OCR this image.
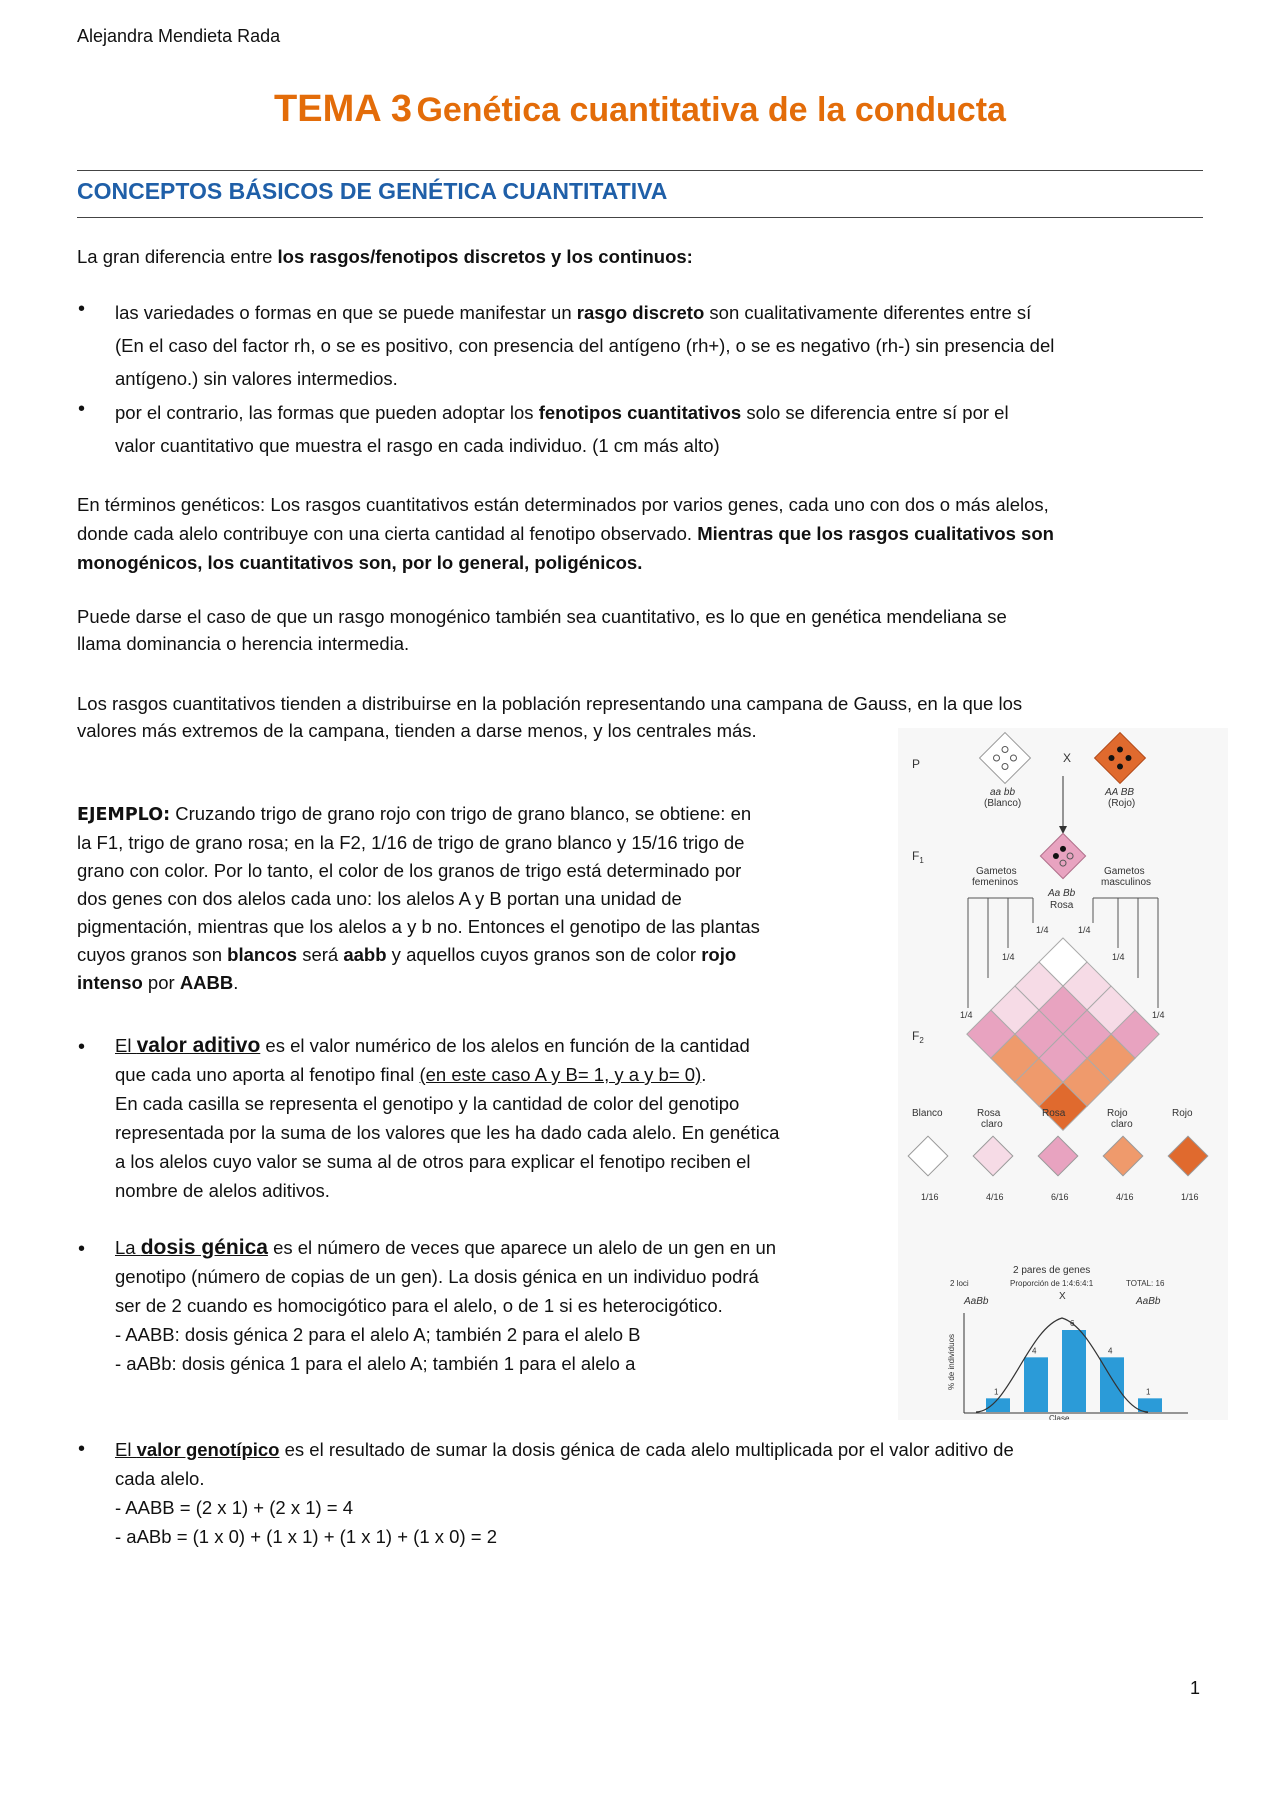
Alejandra Mendieta Rada
TEMA 3 Genética cuantitativa de la conducta
CONCEPTOS BÁSICOS DE GENÉTICA CUANTITATIVA
La gran diferencia entre los rasgos/fenotipos discretos y los continuos:
• las variedades o formas en que se puede manifestar un rasgo discreto son cualitativamente diferentes entre sí
(En el caso del factor rh, o se es positivo, con presencia del antígeno (rh+), o se es negativo (rh-) sin presencia del
antígeno.) sin valores intermedios.
• por el contrario, las formas que pueden adoptar los fenotipos cuantitativos solo se diferencia entre sí por el
valor cuantitativo que muestra el rasgo en cada individuo. (1 cm más alto)
En términos genéticos: Los rasgos cuantitativos están determinados por varios genes, cada uno con dos o más alelos,
donde cada alelo contribuye con una cierta cantidad al fenotipo observado. Mientras que los rasgos cualitativos son
monogénicos, los cuantitativos son, por lo general, poligénicos.
Puede darse el caso de que un rasgo monogénico también sea cuantitativo, es lo que en genética mendeliana se
llama dominancia o herencia intermedia.
Los rasgos cuantitativos tienden a distribuirse en la población representando una campana de Gauss, en la que los
valores más extremos de la campana, tienden a darse menos, y los centrales más.
EJEMPLO: Cruzando trigo de grano rojo con trigo de grano blanco, se obtiene: en
la F1, trigo de grano rosa; en la F2, 1/16 de trigo de grano blanco y 15/16 trigo de
grano con color. Por lo tanto, el color de los granos de trigo está determinado por
dos genes con dos alelos cada uno: los alelos A y B portan una unidad de
pigmentación, mientras que los alelos a y b no. Entonces el genotipo de las plantas
cuyos granos son blancos será aabb y aquellos cuyos granos son de color rojo
intenso por AABB.
• El valor aditivo es el valor numérico de los alelos en función de la cantidad
que cada uno aporta al fenotipo final (en este caso A y B= 1, y a y b= 0).
En cada casilla se representa el genotipo y la cantidad de color del genotipo
representada por la suma de los valores que les ha dado cada alelo. En genética
a los alelos cuyo valor se suma al de otros para explicar el fenotipo reciben el
nombre de alelos aditivos.
• La dosis génica es el número de veces que aparece un alelo de un gen en un
genotipo (número de copias de un gen). La dosis génica en un individuo podrá
ser de 2 cuando es homocigótico para el alelo, o de 1 si es heterocigótico.
- AABB: dosis génica 2 para el alelo A; también 2 para el alelo B
- aABb: dosis génica 1 para el alelo A; también 1 para el alelo a
• El valor genotípico es el resultado de sumar la dosis génica de cada alelo multiplicada por el valor aditivo de
cada alelo.
- AABB = (2 x 1) + (2 x 1) = 4
- aABb = (1 x 0) + (1 x 1) + (1 x 1) + (1 x 0) = 2
1
P	X
aa bb
(Blanco)
AA BB
(Rojo)
$F_1$
Gametos
femeninos
Gametos
masculinos
Aa Bb
Rosa
1/4	1/4
1/4	1/4
1/4	1/4
$F_2$
Blanco
1/16
Rosa
claro
4/16
Rosa
6/16
Rojo
claro
4/16
Rojo
1/16
2 pares de genes
2 loci	Proporción de 1:4:6:4:1	TOTAL: 16
AaBb	AaBb
X
% de individuos
1
4
6
4
1
Clase
